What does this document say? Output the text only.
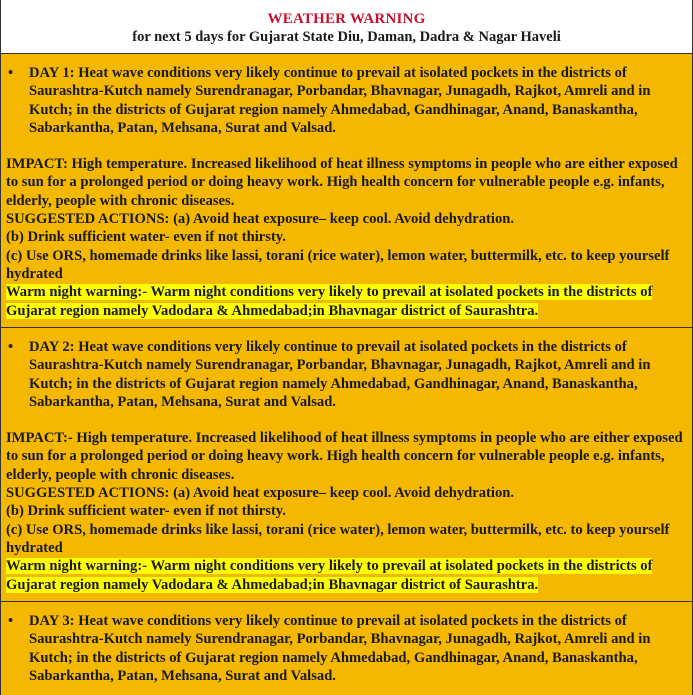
WEATHER WARNING
for next 5 days for Gujarat State Diu, Daman, Dadra & Nagar Haveli
•	DAY 1: Heat wave conditions very likely continue to prevail at isolated pockets in the districts of Saurashtra-Kutch namely Surendranagar, Porbandar, Bhavnagar, Junagadh, Rajkot, Amreli and in Kutch; in the districts of Gujarat region namely Ahmedabad, Gandhinagar, Anand, Banaskantha, Sabarkantha, Patan, Mehsana, Surat and Valsad.

IMPACT: High temperature. Increased likelihood of heat illness symptoms in people who are either exposed to sun for a prolonged period or doing heavy work. High health concern for vulnerable people e.g. infants, elderly, people with chronic diseases.

SUGGESTED ACTIONS: (a) Avoid heat exposure– keep cool. Avoid dehydration.

(b) Drink sufficient water- even if not thirsty.

(c) Use ORS, homemade drinks like lassi, torani (rice water), lemon water, buttermilk, etc. to keep yourself hydrated

Warm night warning:- Warm night conditions very likely to prevail at isolated pockets in the districts of Gujarat region namely Vadodara & Ahmedabad;in Bhavnagar district of Saurashtra.

•	DAY 2: Heat wave conditions very likely continue to prevail at isolated pockets in the districts of Saurashtra-Kutch namely Surendranagar, Porbandar, Bhavnagar, Junagadh, Rajkot, Amreli and in Kutch; in the districts of Gujarat region namely Ahmedabad, Gandhinagar, Anand, Banaskantha, Sabarkantha, Patan, Mehsana, Surat and Valsad.

IMPACT:- High temperature. Increased likelihood of heat illness symptoms in people who are either exposed to sun for a prolonged period or doing heavy work. High health concern for vulnerable people e.g. infants, elderly, people with chronic diseases.

SUGGESTED ACTIONS: (a) Avoid heat exposure– keep cool. Avoid dehydration.

(b) Drink sufficient water- even if not thirsty.

(c) Use ORS, homemade drinks like lassi, torani (rice water), lemon water, buttermilk, etc. to keep yourself hydrated

Warm night warning:- Warm night conditions very likely to prevail at isolated pockets in the districts of Gujarat region namely Vadodara & Ahmedabad;in Bhavnagar district of Saurashtra.

•	DAY 3: Heat wave conditions very likely continue to prevail at isolated pockets in the districts of Saurashtra-Kutch namely Surendranagar, Porbandar, Bhavnagar, Junagadh, Rajkot, Amreli and in Kutch; in the districts of Gujarat region namely Ahmedabad, Gandhinagar, Anand, Banaskantha, Sabarkantha, Patan, Mehsana, Surat and Valsad.
